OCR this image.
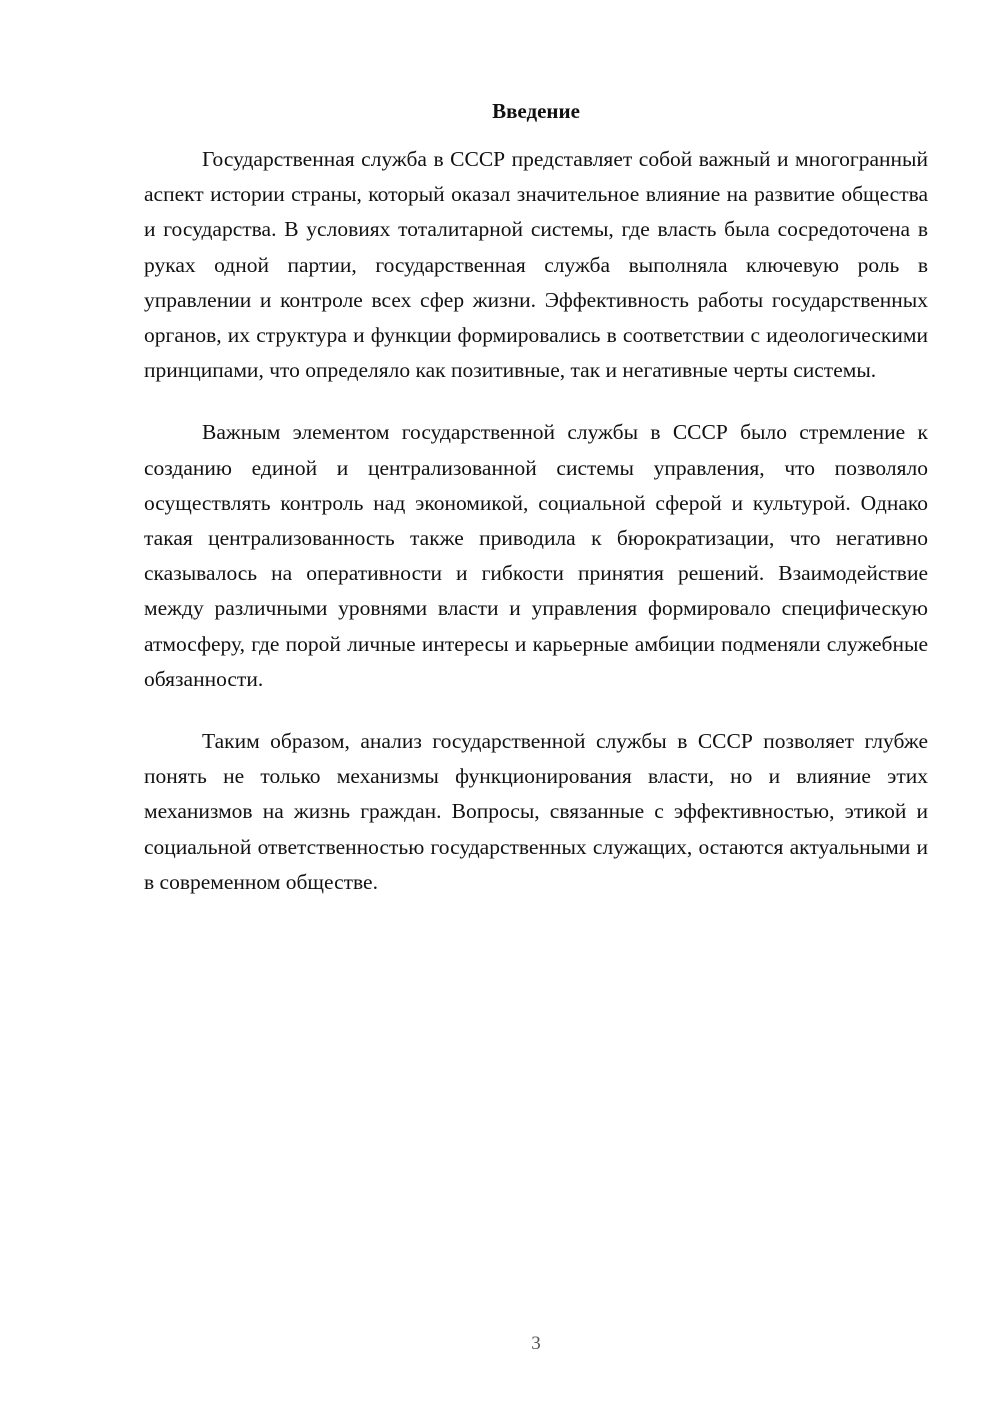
Введение

Государственная служба в СССР представляет собой важный и многогранный аспект истории страны, который оказал значительное влияние на развитие общества и государства. В условиях тоталитарной системы, где власть была сосредоточена в руках одной партии, государственная служба выполняла ключевую роль в управлении и контроле всех сфер жизни. Эффективность работы государственных органов, их структура и функции формировались в соответствии с идеологическими принципами, что определяло как позитивные, так и негативные черты системы.

Важным элементом государственной службы в СССР было стремление к созданию единой и централизованной системы управления, что позволяло осуществлять контроль над экономикой, социальной сферой и культурой. Однако такая централизованность также приводила к бюрократизации, что негативно сказывалось на оперативности и гибкости принятия решений. Взаимодействие между различными уровнями власти и управления формировало специфическую атмосферу, где порой личные интересы и карьерные амбиции подменяли служебные обязанности.

Таким образом, анализ государственной службы в СССР позволяет глубже понять не только механизмы функционирования власти, но и влияние этих механизмов на жизнь граждан. Вопросы, связанные с эффективностью, этикой и социальной ответственностью государственных служащих, остаются актуальными и в современном обществе.

3
